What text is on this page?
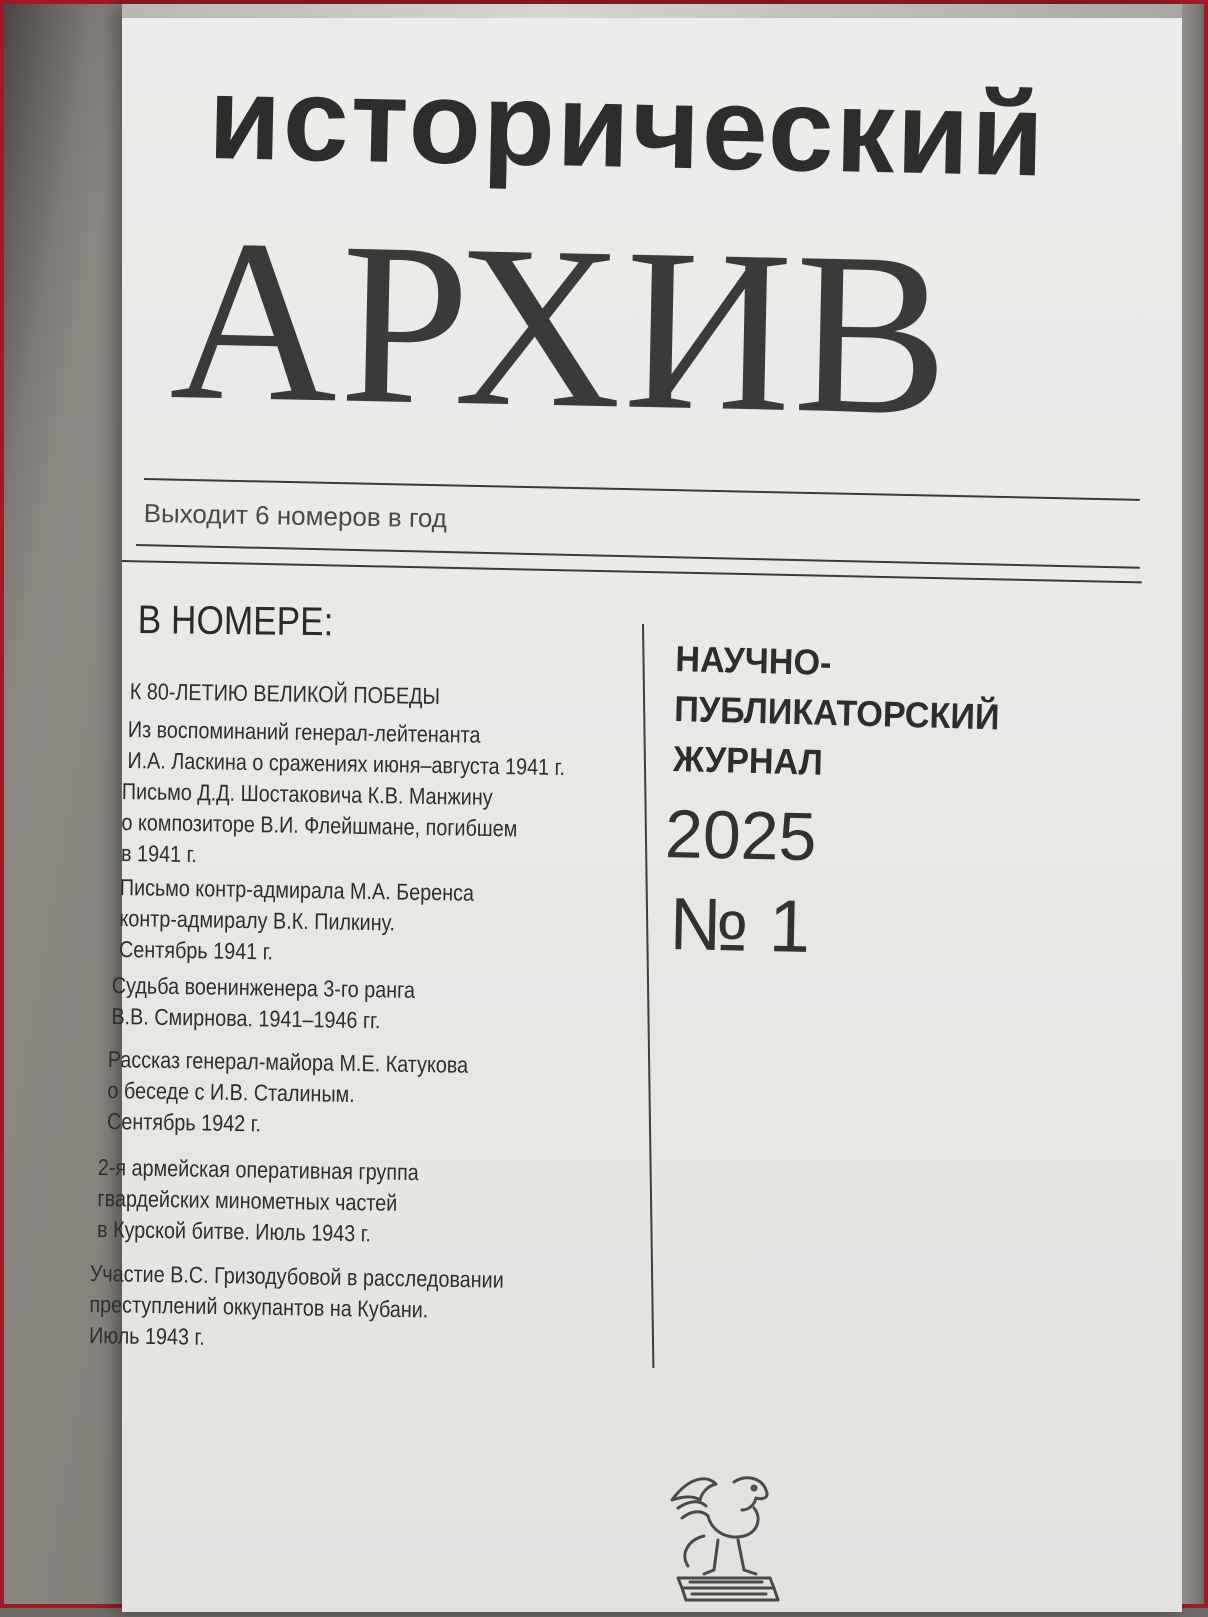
исторический
АРХИВ
Выходит 6 номеров в год
В НОМЕРЕ:
К 80-ЛЕТИЮ ВЕЛИКОЙ ПОБЕДЫ
Из воспоминаний генерал-лейтенанта
И.А. Ласкина о сражениях июня–августа 1941 г.
Письмо Д.Д. Шостаковича К.В. Манжину
о композиторе В.И. Флейшмане, погибшем
в 1941 г.
Письмо контр-адмирала М.А. Беренса
контр-адмиралу В.К. Пилкину.
Сентябрь 1941 г.
Судьба военинженера 3-го ранга
В.В. Смирнова. 1941–1946 гг.
Рассказ генерал-майора М.Е. Катукова
о беседе с И.В. Сталиным.
Сентябрь 1942 г.
2-я армейская оперативная группа
гвардейских минометных частей
в Курской битве. Июль 1943 г.
Участие В.С. Гризодубовой в расследовании
преступлений оккупантов на Кубани.
Июль 1943 г.
НАУЧНО-
ПУБЛИКАТОРСКИЙ
ЖУРНАЛ
2025
№ 1
